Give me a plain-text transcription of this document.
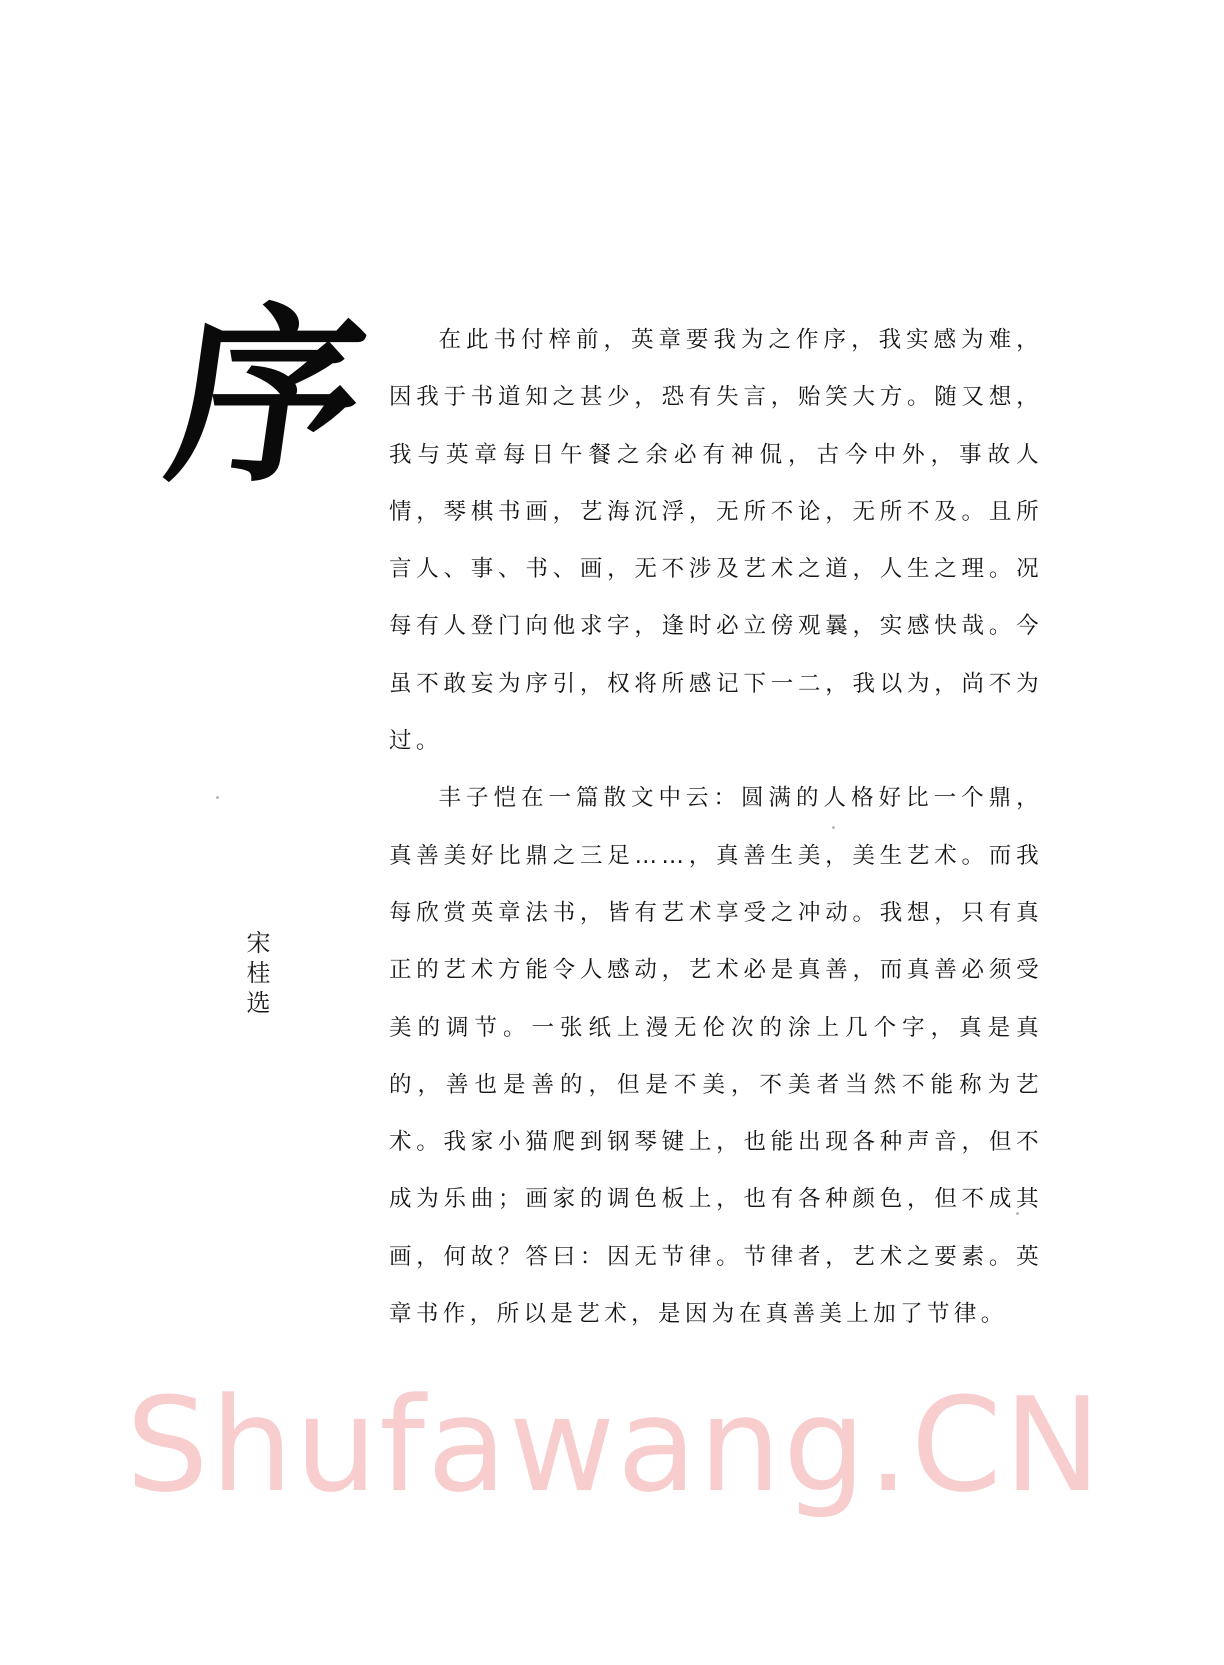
序
宋桂选

在此书付梓前，英章要我为之作序，我实感为难，因我于书道知之甚少，恐有失言，贻笑大方。随又想，我与英章每日午餐之余必有神侃，古今中外，事故人情，琴棋书画，艺海沉浮，无所不论，无所不及。且所言人、事、书、画，无不涉及艺术之道，人生之理。况每有人登门向他求字，逢时必立傍观曩，实感快哉。今虽不敢妄为序引，权将所感记下一二，我以为，尚不为过。

丰子恺在一篇散文中云：圆满的人格好比一个鼎，真善美好比鼎之三足……，真善生美，美生艺术。而我每欣赏英章法书，皆有艺术享受之冲动。我想，只有真正的艺术方能令人感动，艺术必是真善，而真善必须受美的调节。一张纸上漫无伦次的涂上几个字，真是真的，善也是善的，但是不美，不美者当然不能称为艺术。我家小猫爬到钢琴键上，也能出现各种声音，但不成为乐曲；画家的调色板上，也有各种颜色，但不成其画，何故？答曰：因无节律。节律者，艺术之要素。英章书作，所以是艺术，是因为在真善美上加了节律。

Shufawang.CN
